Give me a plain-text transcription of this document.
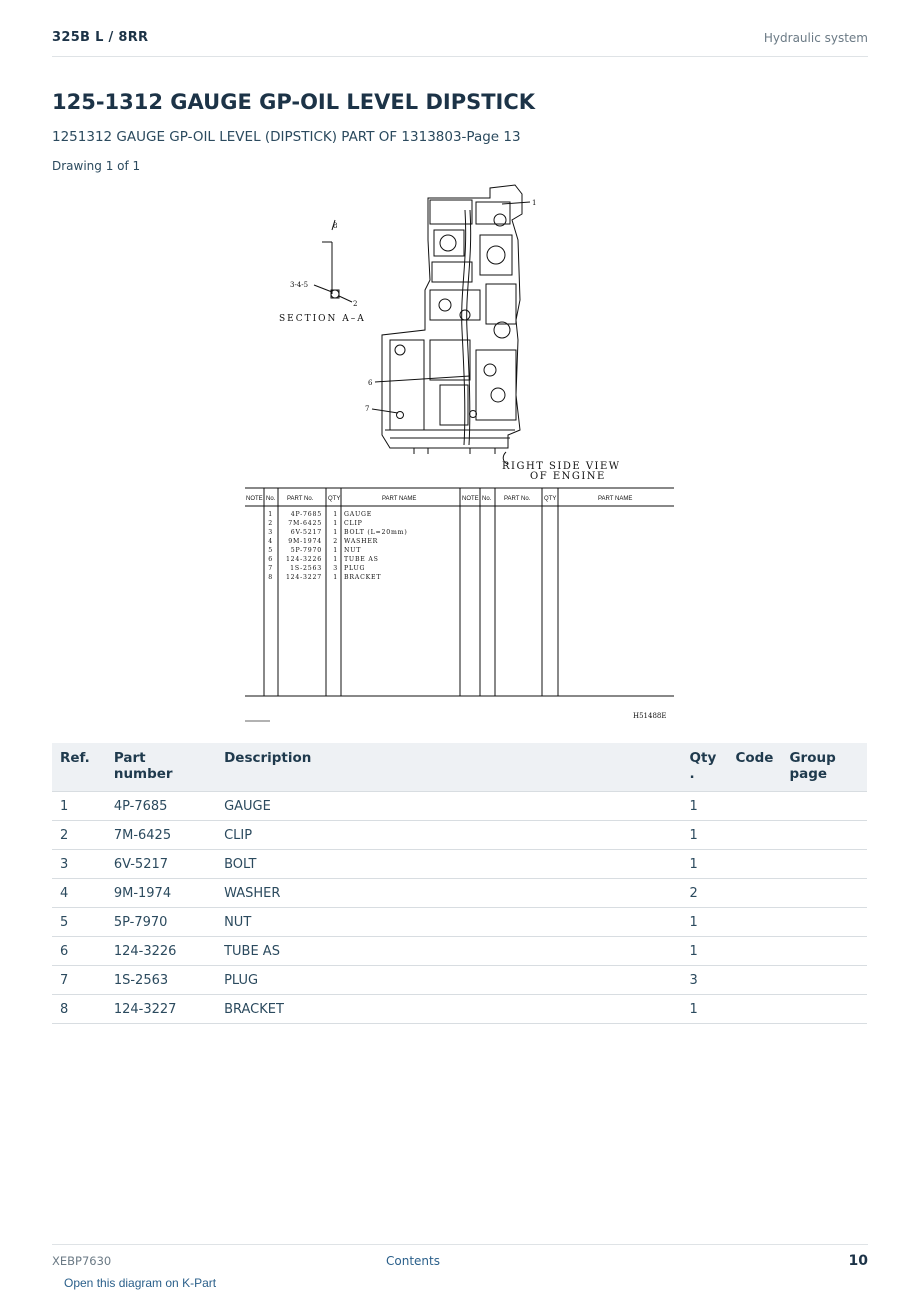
325B L / 8RR	Hydraulic system
125-1312 GAUGE GP-OIL LEVEL DIPSTICK
1251312 GAUGE GP-OIL LEVEL (DIPSTICK) PART OF 1313803-Page 13
Drawing 1 of 1
8
3-4-5
2
SECTION A–A
1
6
7
RIGHT SIDE VIEW
OF ENGINE
NOTE No. PART No. QTY	PART NAME	NOTE No. PART No. QTY	PART NAME
1	4P-7685 1 GAUGE
2 7M-6425 1 CLIP
3	6V-5217 1 BOLT (L=20mm)
4 9M-1974 2 WASHER
5	5P-7970 1 NUT
6 124-3226 1 TUBE AS
7	1S-2563 3 PLUG
8 124-3227 1 BRACKET
H51488E
Ref.	Part number	Description	Qty
.	Code	Group
page
1	4P-7685	GAUGE	1		
2	7M-6425	CLIP	1		
3	6V-5217	BOLT	1		
4	9M-1974	WASHER	2		
5	5P-7970	NUT	1		
6	124-3226	TUBE AS	1		
7	1S-2563	PLUG	3		
8	124-3227	BRACKET	1		
XEBP7630	Contents	10
Open this diagram on K-Part
